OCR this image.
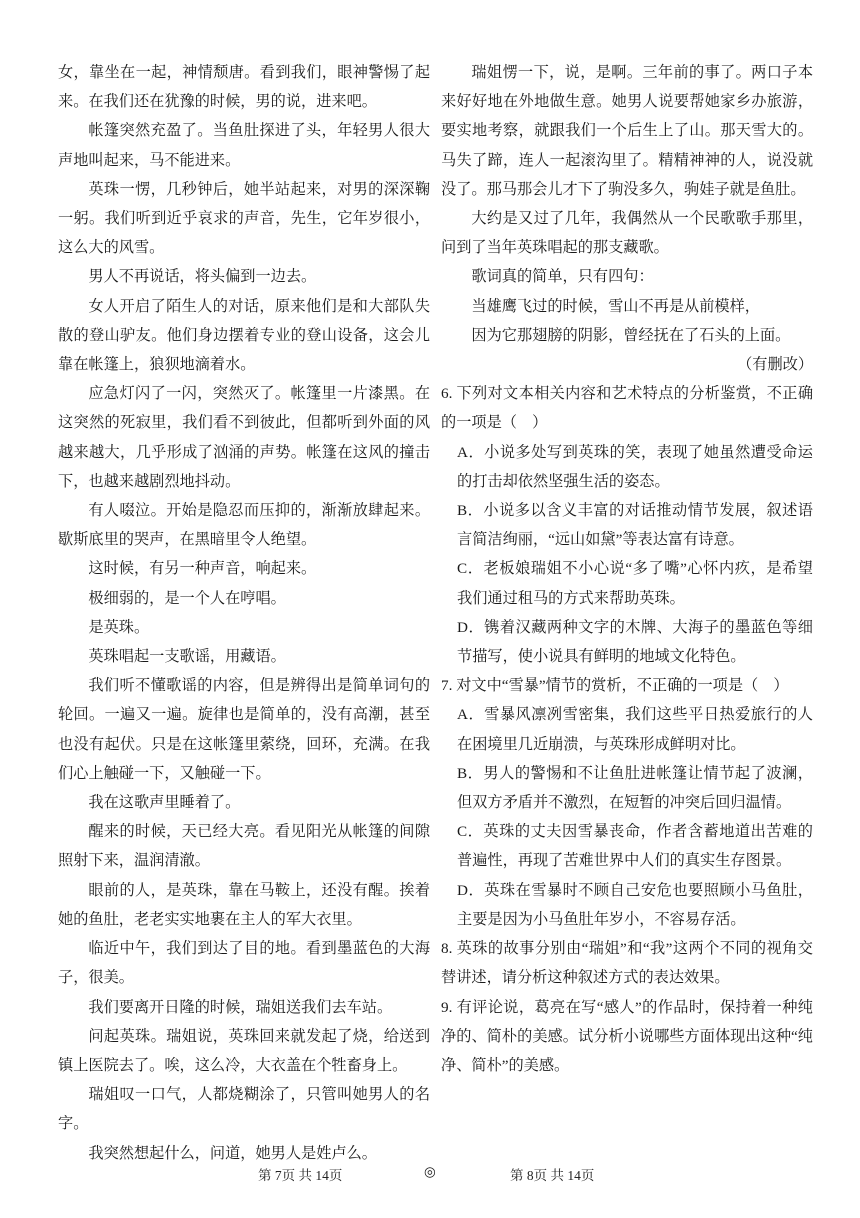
女，靠坐在一起，神情颓唐。看到我们，眼神警惕了起来。在我们还在犹豫的时候，男的说，进来吧。

帐篷突然充盈了。当鱼肚探进了头，年轻男人很大声地叫起来，马不能进来。

英珠一愣，几秒钟后，她半站起来，对男的深深鞠一躬。我们听到近乎哀求的声音，先生，它年岁很小，这么大的风雪。

男人不再说话，将头偏到一边去。

女人开启了陌生人的对话，原来他们是和大部队失散的登山驴友。他们身边摆着专业的登山设备，这会儿靠在帐篷上，狼狈地滴着水。

应急灯闪了一闪，突然灭了。帐篷里一片漆黑。在这突然的死寂里，我们看不到彼此，但都听到外面的风越来越大，几乎形成了汹涌的声势。帐篷在这风的撞击下，也越来越剧烈地抖动。

有人啜泣。开始是隐忍而压抑的，渐渐放肆起来。歇斯底里的哭声，在黑暗里令人绝望。

这时候，有另一种声音，响起来。

极细弱的，是一个人在哼唱。

是英珠。

英珠唱起一支歌谣，用藏语。

我们听不懂歌谣的内容，但是辨得出是简单词句的轮回。一遍又一遍。旋律也是简单的，没有高潮，甚至也没有起伏。只是在这帐篷里萦绕，回环，充满。在我们心上触碰一下，又触碰一下。

我在这歌声里睡着了。

醒来的时候，天已经大亮。看见阳光从帐篷的间隙照射下来，温润清澈。

眼前的人，是英珠，靠在马鞍上，还没有醒。挨着她的鱼肚，老老实实地裹在主人的军大衣里。

临近中午，我们到达了目的地。看到墨蓝色的大海子，很美。

我们要离开日隆的时候，瑞姐送我们去车站。

问起英珠。瑞姐说，英珠回来就发起了烧，给送到镇上医院去了。唉，这么冷，大衣盖在个牲畜身上。

瑞姐叹一口气，人都烧糊涂了，只管叫她男人的名字。

我突然想起什么，问道，她男人是姓卢么。

瑞姐愣一下，说，是啊。三年前的事了。两口子本来好好地在外地做生意。她男人说要帮她家乡办旅游，要实地考察，就跟我们一个后生上了山。那天雪大的。马失了蹄，连人一起滚沟里了。精精神神的人，说没就没了。那马那会儿才下了驹没多久，驹娃子就是鱼肚。

大约是又过了几年，我偶然从一个民歌歌手那里，问到了当年英珠唱起的那支藏歌。

歌词真的简单，只有四句：

当雄鹰飞过的时候，雪山不再是从前模样，

因为它那翅膀的阴影，曾经抚在了石头的上面。

（有删改）

6. 下列对文本相关内容和艺术特点的分析鉴赏，不正确的一项是（　）

A．小说多处写到英珠的笑，表现了她虽然遭受命运的打击却依然坚强生活的姿态。

B．小说多以含义丰富的对话推动情节发展，叙述语言简洁绚丽，“远山如黛”等表达富有诗意。

C．老板娘瑞姐不小心说“多了嘴”心怀内疚，是希望我们通过租马的方式来帮助英珠。

D．镌着汉藏两种文字的木牌、大海子的墨蓝色等细节描写，使小说具有鲜明的地域文化特色。

7. 对文中“雪暴”情节的赏析，不正确的一项是（　）

A．雪暴风凛冽雪密集，我们这些平日热爱旅行的人在困境里几近崩溃，与英珠形成鲜明对比。

B．男人的警惕和不让鱼肚进帐篷让情节起了波澜，但双方矛盾并不激烈，在短暂的冲突后回归温情。

C．英珠的丈夫因雪暴丧命，作者含蓄地道出苦难的普遍性，再现了苦难世界中人们的真实生存图景。

D．英珠在雪暴时不顾自己安危也要照顾小马鱼肚，主要是因为小马鱼肚年岁小，不容易存活。

8. 英珠的故事分别由“瑞姐”和“我”这两个不同的视角交替讲述，请分析这种叙述方式的表达效果。

9. 有评论说，葛亮在写“感人”的作品时，保持着一种纯净的、简朴的美感。试分析小说哪些方面体现出这种“纯净、简朴”的美感。

第 7页 共 14页	◎	第 8页 共 14页
